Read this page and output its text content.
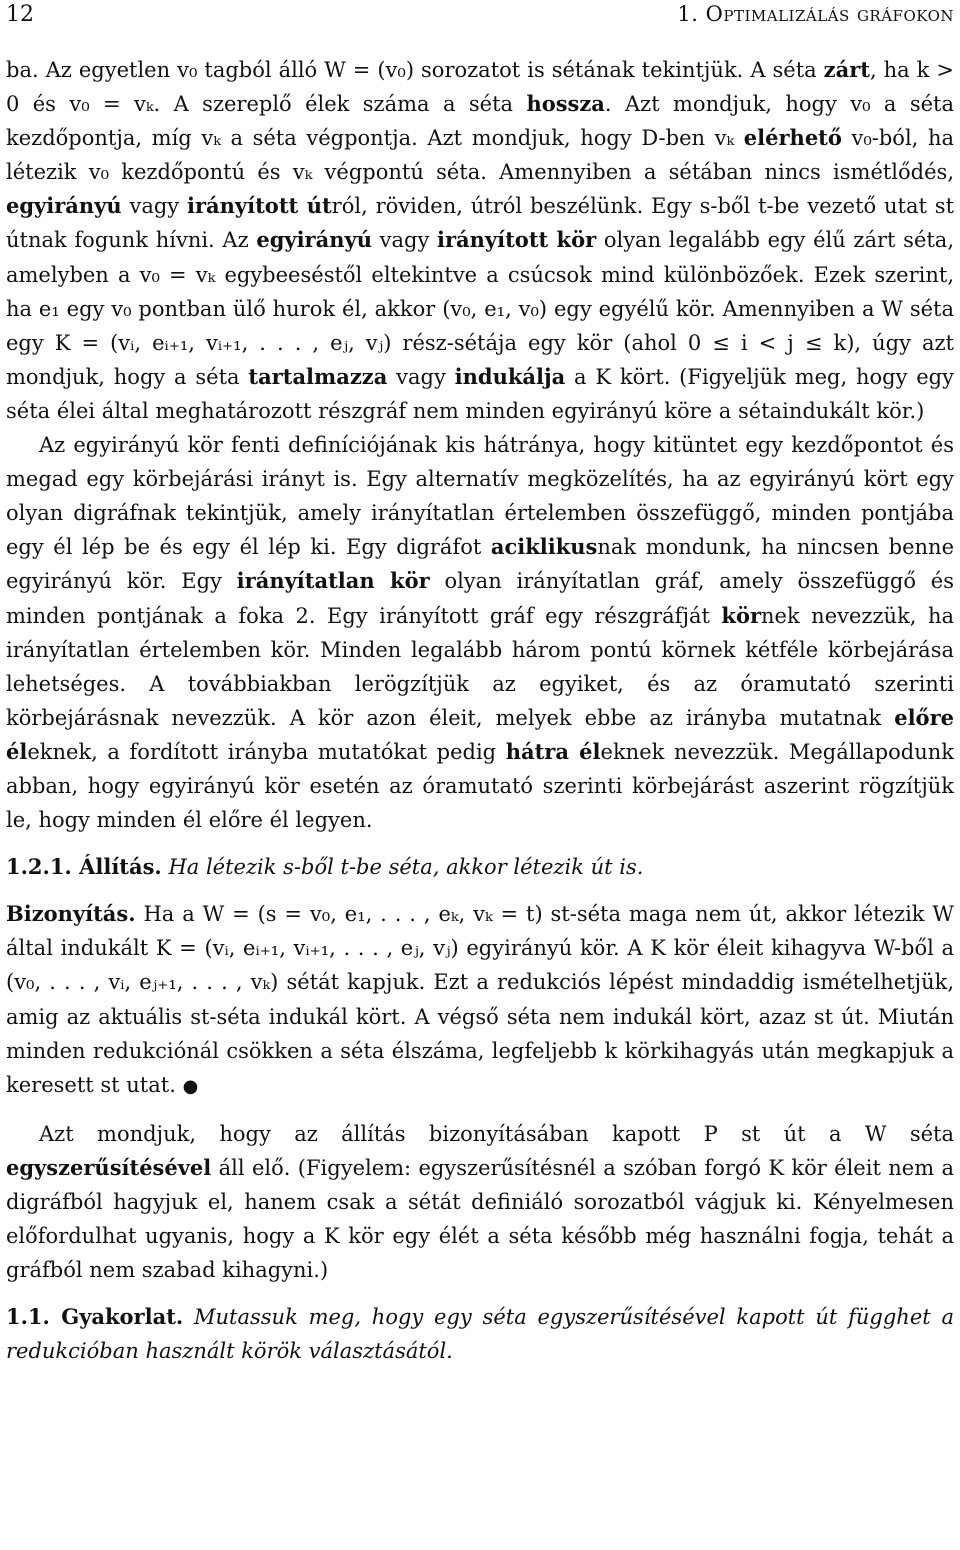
12	1. Optimalizálás gráfokon

ba. Az egyetlen v₀ tagból álló W = (v₀) sorozatot is sétának tekintjük. A séta zárt, ha k > 0 és v₀ = vₖ. A szereplő élek száma a séta hossza. Azt mondjuk, hogy v₀ a séta kezdőpontja, míg vₖ a séta végpontja. Azt mondjuk, hogy D-ben vₖ elérhető v₀-ból, ha létezik v₀ kezdőpontú és vₖ végpontú séta. Amennyiben a sétában nincs ismétlődés, egyirányú vagy irányított útról, röviden, útról beszélünk. Egy s-ből t-be vezető utat st útnak fogunk hívni. Az egyirányú vagy irányított kör olyan legalább egy élű zárt séta, amelyben a v₀ = vₖ egybeeséstől eltekintve a csúcsok mind különbözőek. Ezek szerint, ha e₁ egy v₀ pontban ülő hurok él, akkor (v₀, e₁, v₀) egy egyélű kör. Amennyiben a W séta egy K = (vᵢ, eᵢ₊₁, vᵢ₊₁, . . . , eⱼ, vⱼ) rész-sétája egy kör (ahol 0 ≤ i < j ≤ k), úgy azt mondjuk, hogy a séta tartalmazza vagy indukálja a K kört. (Figyeljük meg, hogy egy séta élei által meghatározott részgráf nem minden egyirányú köre a sétaindukált kör.)

Az egyirányú kör fenti definíciójának kis hátránya, hogy kitüntet egy kezdőpontot és megad egy körbejárási irányt is. Egy alternatív megközelítés, ha az egyirányú kört egy olyan digráfnak tekintjük, amely irányítatlan értelemben összefüggő, minden pontjába egy él lép be és egy él lép ki. Egy digráfot aciklikusnak mondunk, ha nincsen benne egyirányú kör. Egy irányítatlan kör olyan irányítatlan gráf, amely összefüggő és minden pontjának a fokа 2. Egy irányított gráf egy részgráfját körnek nevezzük, ha irányítatlan értelemben kör. Minden legalább három pontú körnek kétféle körbejárása lehetséges. A továbbiakban lerögzítjük az egyiket, és az óramutató szerinti körbejárásnak nevezzük. A kör azon éleit, melyek ebbe az irányba mutatnak előre éleknek, a fordított irányba mutatókat pedig hátra éleknek nevezzük. Megállapodunk abban, hogy egyirányú kör esetén az óramutató szerinti körbejárást aszerint rögzítjük le, hogy minden él előre él legyen.

1.2.1. Állítás. Ha létezik s-ből t-be séta, akkor létezik út is.

Bizonyítás. Ha a W = (s = v₀, e₁, . . . , eₖ, vₖ = t) st-séta maga nem út, akkor létezik W által indukált K = (vᵢ, eᵢ₊₁, vᵢ₊₁, . . . , eⱼ, vⱼ) egyirányú kör. A K kör éleit kihagyva W-ből a (v₀, . . . , vᵢ, eⱼ₊₁, . . . , vₖ) sétát kapjuk. Ezt a redukciós lépést mindaddig ismételhetjük, amig az aktuális st-séta indukál kört. A végső séta nem indukál kört, azaz st út. Miután minden redukciónál csökken a séta élszáma, legfeljebb k körkihagyás után megkapjuk a keresett st utat. ●

Azt mondjuk, hogy az állítás bizonyításában kapott P st út a W séta egyszerűsítésével áll elő. (Figyelem: egyszerűsítésnél a szóban forgó K kör éleit nem a digráfból hagyjuk el, hanem csak a sétát definiáló sorozatból vágjuk ki. Kényelmesen előfordulhat ugyanis, hogy a K kör egy élét a séta később még használni fogja, tehát a gráfból nem szabad kihagyni.)

1.1. Gyakorlat. Mutassuk meg, hogy egy séta egyszerűsítésével kapott út függhet a redukcióban használt körök választásától.
